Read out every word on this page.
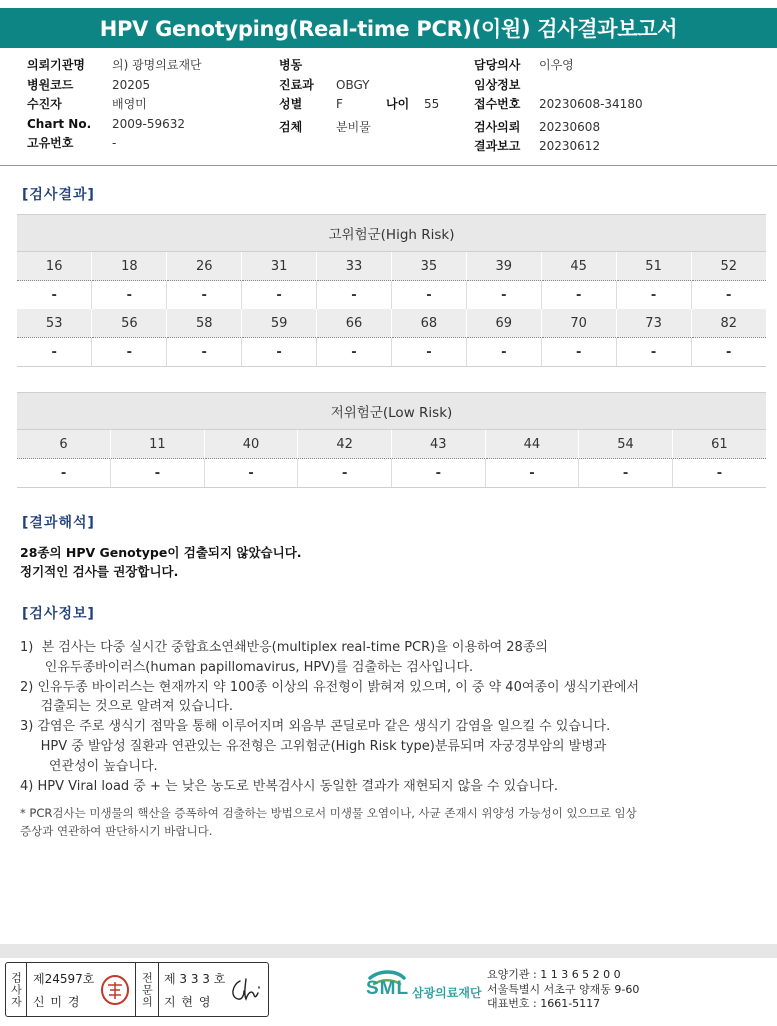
HPV Genotyping(Real-time PCR)(이원) 검사결과보고서
의뢰기관명	의) 광명의료재단
병원코드	20205
수진자	배영미
Chart No.	2009-59632
고유번호	-
병동
진료과	OBGY
성별	F	나이	55
검체	분비물
담당의사	이우영
임상정보
접수번호	20230608-34180
검사의뢰	20230608
결과보고	20230612
[검사결과]
고위험군(High Risk)									
16	18	26	31	33	35	39	45	51	52
-	-	-	-	-	-	-	-	-	-
53	56	58	59	66	68	69	70	73	82
-	-	-	-	-	-	-	-	-	-
저위험군(Low Risk)							
6	11	40	42	43	44	54	61
-	-	-	-	-	-	-	-
[결과해석]
28종의 HPV Genotype이 검출되지 않았습니다.
정기적인 검사를 권장합니다.
[검사정보]
1)  본 검사는 다중 실시간 중합효소연쇄반응(multiplex real-time PCR)을 이용하여 28종의
인유두종바이러스(human papillomavirus, HPV)를 검출하는 검사입니다.
2) 인유두종 바이러스는 현재까지 약 100종 이상의 유전형이 밝혀져 있으며, 이 중 약 40여종이 생식기관에서
검출되는 것으로 알려져 있습니다.
3) 감염은 주로 생식기 점막을 통해 이루어지며 외음부 콘딜로마 같은 생식기 감염을 일으킬 수 있습니다.
HPV 중 발암성 질환과 연관있는 유전형은 고위험군(High Risk type)분류되며 자궁경부암의 발병과
연관성이 높습니다.
4) HPV Viral load 중 + 는 낮은 농도로 반복검사시 동일한 결과가 재현되지 않을 수 있습니다.
* PCR검사는 미생물의 핵산을 증폭하여 검출하는 방법으로서 미생물 오염이나, 사균 존재시 위양성 가능성이 있으므로 임상
증상과 연관하여 판단하시기 바랍니다.
검사자 제24597호
신 미 경	전문의 제 3 3 3 호
지 현 영
SML 삼광의료재단
요양기관 : 1 1 3 6 5 2 0 0
서울특별시 서초구 양재동 9-60
대표번호 : 1661-5117
